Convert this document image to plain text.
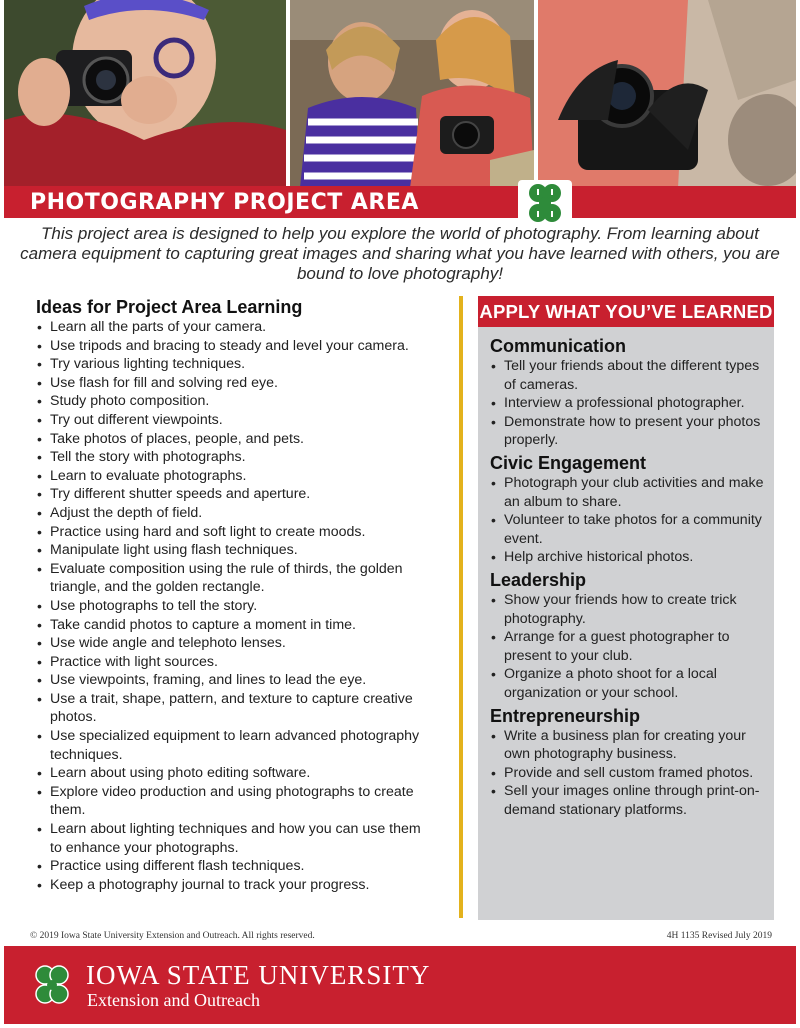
PHOTOGRAPHY PROJECT AREA

This project area is designed to help you explore the world of photography. From learning about camera equipment to capturing great images and sharing what you have learned with others, you are bound to love photography!

Ideas for Project Area Learning
• Learn all the parts of your camera.
• Use tripods and bracing to steady and level your camera.
• Try various lighting techniques.
• Use flash for fill and solving red eye.
• Study photo composition.
• Try out different viewpoints.
• Take photos of places, people, and pets.
• Tell the story with photographs.
• Learn to evaluate photographs.
• Try different shutter speeds and aperture.
• Adjust the depth of field.
• Practice using hard and soft light to create moods.
• Manipulate light using flash techniques.
• Evaluate composition using the rule of thirds, the golden triangle, and the golden rectangle.
• Use photographs to tell the story.
• Take candid photos to capture a moment in time.
• Use wide angle and telephoto lenses.
• Practice with light sources.
• Use viewpoints, framing, and lines to lead the eye.
• Use a trait, shape, pattern, and texture to capture creative photos.
• Use specialized equipment to learn advanced photography techniques.
• Learn about using photo editing software.
• Explore video production and using photographs to create them.
• Learn about lighting techniques and how you can use them to enhance your photographs.
• Practice using different flash techniques.
• Keep a photography journal to track your progress.
APPLY WHAT YOU’VE LEARNED
Communication
• Tell your friends about the different types of cameras.
• Interview a professional photographer.
• Demonstrate how to present your photos properly.
Civic Engagement
• Photograph your club activities and make an album to share.
• Volunteer to take photos for a community event.
• Help archive historical photos.
Leadership
• Show your friends how to create trick photography.
• Arrange for a guest photographer to present to your club.
• Organize a photo shoot for a local organization or your school.
Entrepreneurship
• Write a business plan for creating your own photography business.
• Provide and sell custom framed photos.
• Sell your images online through print-on-demand stationary platforms.
© 2019 Iowa State University Extension and Outreach. All rights reserved.	4H 1135 Revised July 2019
IOWA STATE UNIVERSITY
Extension and Outreach
